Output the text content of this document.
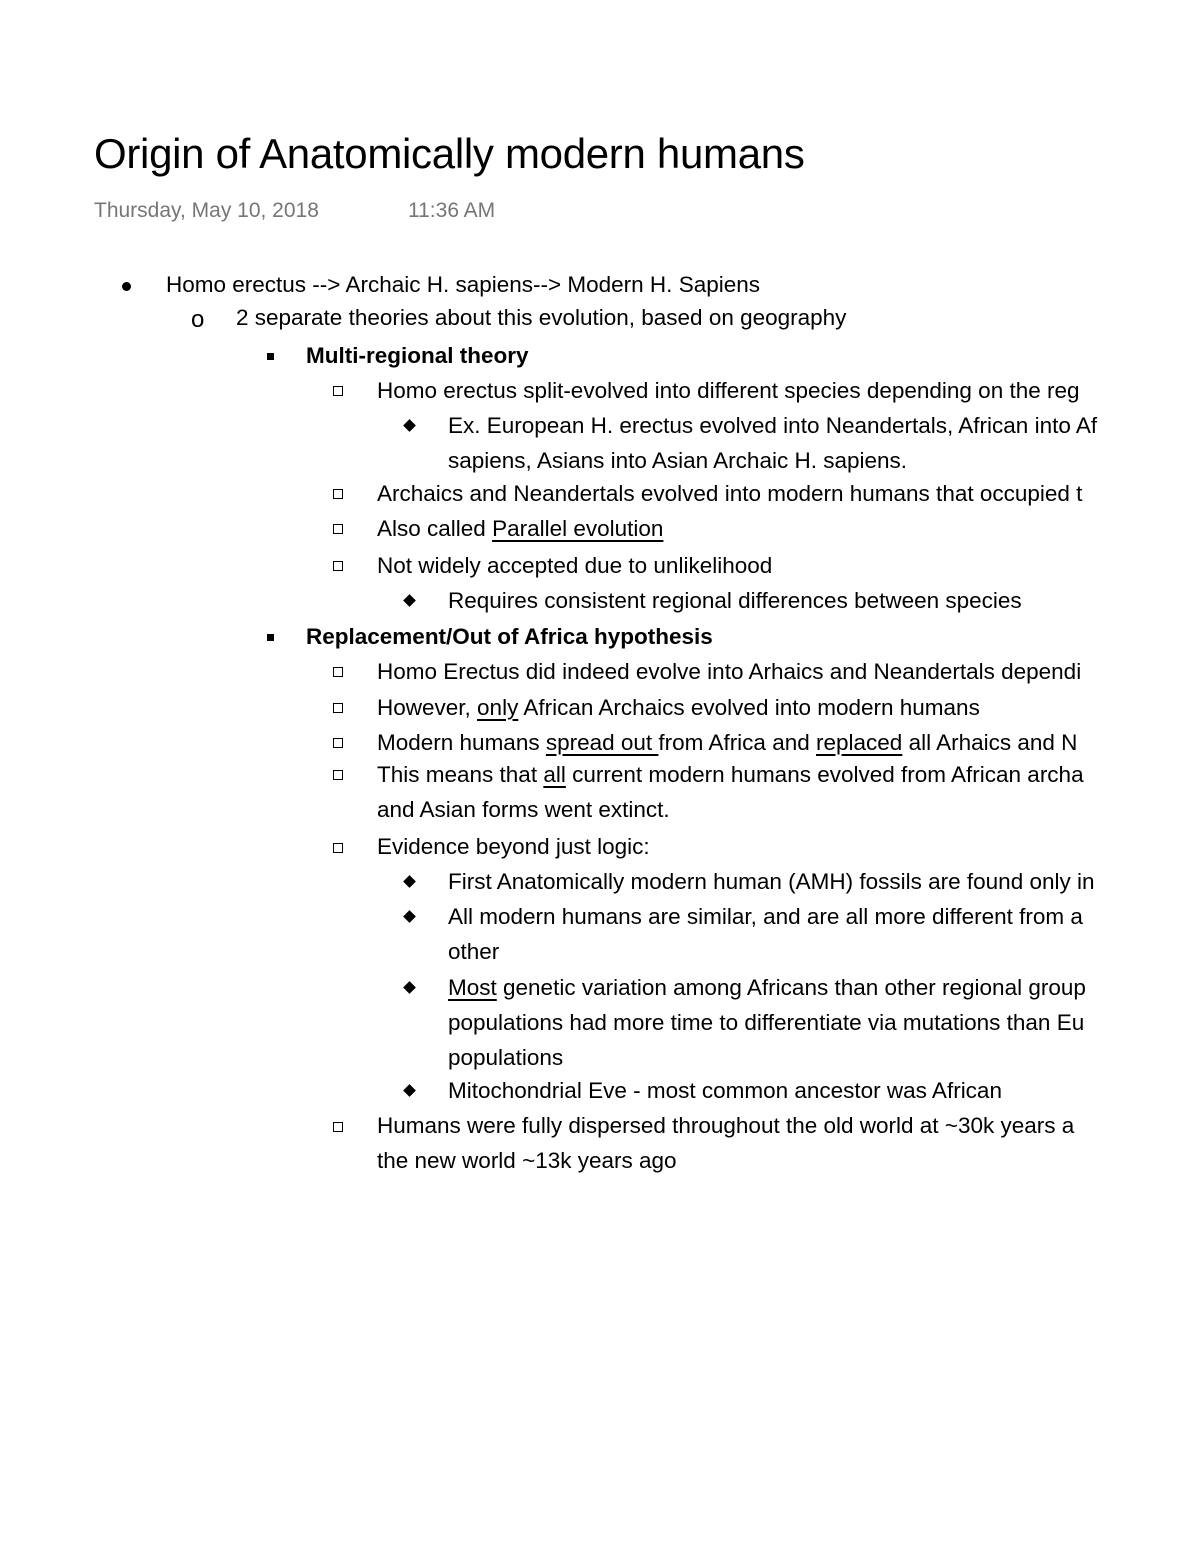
Origin of Anatomically modern humans
Thursday, May 10, 2018	11:36 AM
Homo erectus --> Archaic H. sapiens--> Modern H. Sapiens
o 2 separate theories about this evolution, based on geography
Multi-regional theory
Homo erectus split-evolved into different species depending on the reg
Ex. European H. erectus evolved into Neandertals, African into Af
sapiens, Asians into Asian Archaic H. sapiens.
Archaics and Neandertals evolved into modern humans that occupied t
Also called Parallel evolution
Not widely accepted due to unlikelihood
Requires consistent regional differences between species
Replacement/Out of Africa hypothesis
Homo Erectus did indeed evolve into Arhaics and Neandertals dependi
However, only African Archaics evolved into modern humans
Modern humans spread out from Africa and replaced all Arhaics and N
This means that all current modern humans evolved from African archa
and Asian forms went extinct.
Evidence beyond just logic:
First Anatomically modern human (AMH) fossils are found only in
All modern humans are similar, and are all more different from a
other
Most genetic variation among Africans than other regional group
populations had more time to differentiate via mutations than Eu
populations
Mitochondrial Eve - most common ancestor was African
Humans were fully dispersed throughout the old world at ~30k years a
the new world ~13k years ago
